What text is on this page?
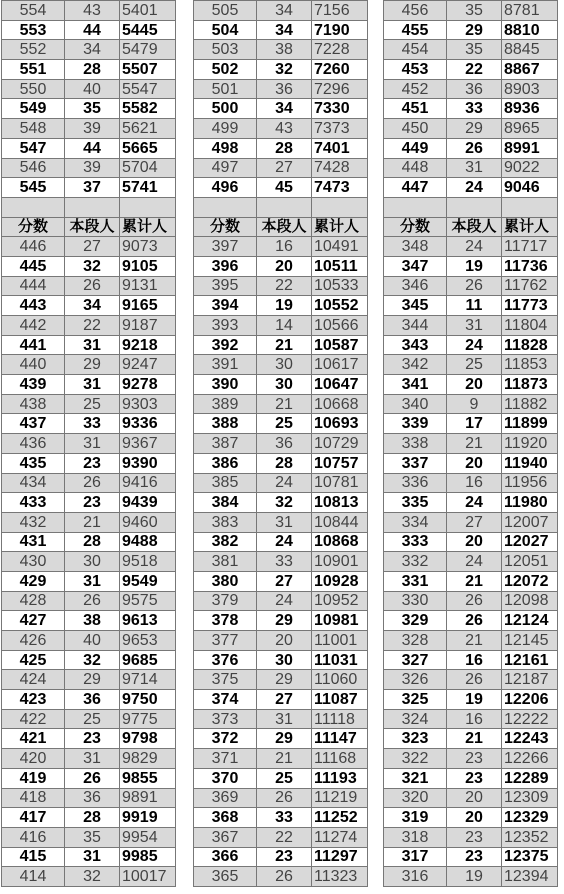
554	43	5401
553	44	5445
552	34	5479
551	28	5507
550	40	5547
549	35	5582
548	39	5621
547	44	5665
546	39	5704
545	37	5741

分数	本段人	累计人
446	27	9073
445	32	9105
444	26	9131
443	34	9165
442	22	9187
441	31	9218
440	29	9247
439	31	9278
438	25	9303
437	33	9336
436	31	9367
435	23	9390
434	26	9416
433	23	9439
432	21	9460
431	28	9488
430	30	9518
429	31	9549
428	26	9575
427	38	9613
426	40	9653
425	32	9685
424	29	9714
423	36	9750
422	25	9775
421	23	9798
420	31	9829
419	26	9855
418	36	9891
417	28	9919
416	35	9954
415	31	9985
414	32	10017
505	34	7156
504	34	7190
503	38	7228
502	32	7260
501	36	7296
500	34	7330
499	43	7373
498	28	7401
497	27	7428
496	45	7473

分数	本段人	累计人
397	16	10491
396	20	10511
395	22	10533
394	19	10552
393	14	10566
392	21	10587
391	30	10617
390	30	10647
389	21	10668
388	25	10693
387	36	10729
386	28	10757
385	24	10781
384	32	10813
383	31	10844
382	24	10868
381	33	10901
380	27	10928
379	24	10952
378	29	10981
377	20	11001
376	30	11031
375	29	11060
374	27	11087
373	31	11118
372	29	11147
371	21	11168
370	25	11193
369	26	11219
368	33	11252
367	22	11274
366	23	11297
365	26	11323
456	35	8781
455	29	8810
454	35	8845
453	22	8867
452	36	8903
451	33	8936
450	29	8965
449	26	8991
448	31	9022
447	24	9046

分数	本段人	累计人
348	24	11717
347	19	11736
346	26	11762
345	11	11773
344	31	11804
343	24	11828
342	25	11853
341	20	11873
340	9	11882
339	17	11899
338	21	11920
337	20	11940
336	16	11956
335	24	11980
334	27	12007
333	20	12027
332	24	12051
331	21	12072
330	26	12098
329	26	12124
328	21	12145
327	16	12161
326	26	12187
325	19	12206
324	16	12222
323	21	12243
322	23	12266
321	23	12289
320	20	12309
319	20	12329
318	23	12352
317	23	12375
316	19	12394
